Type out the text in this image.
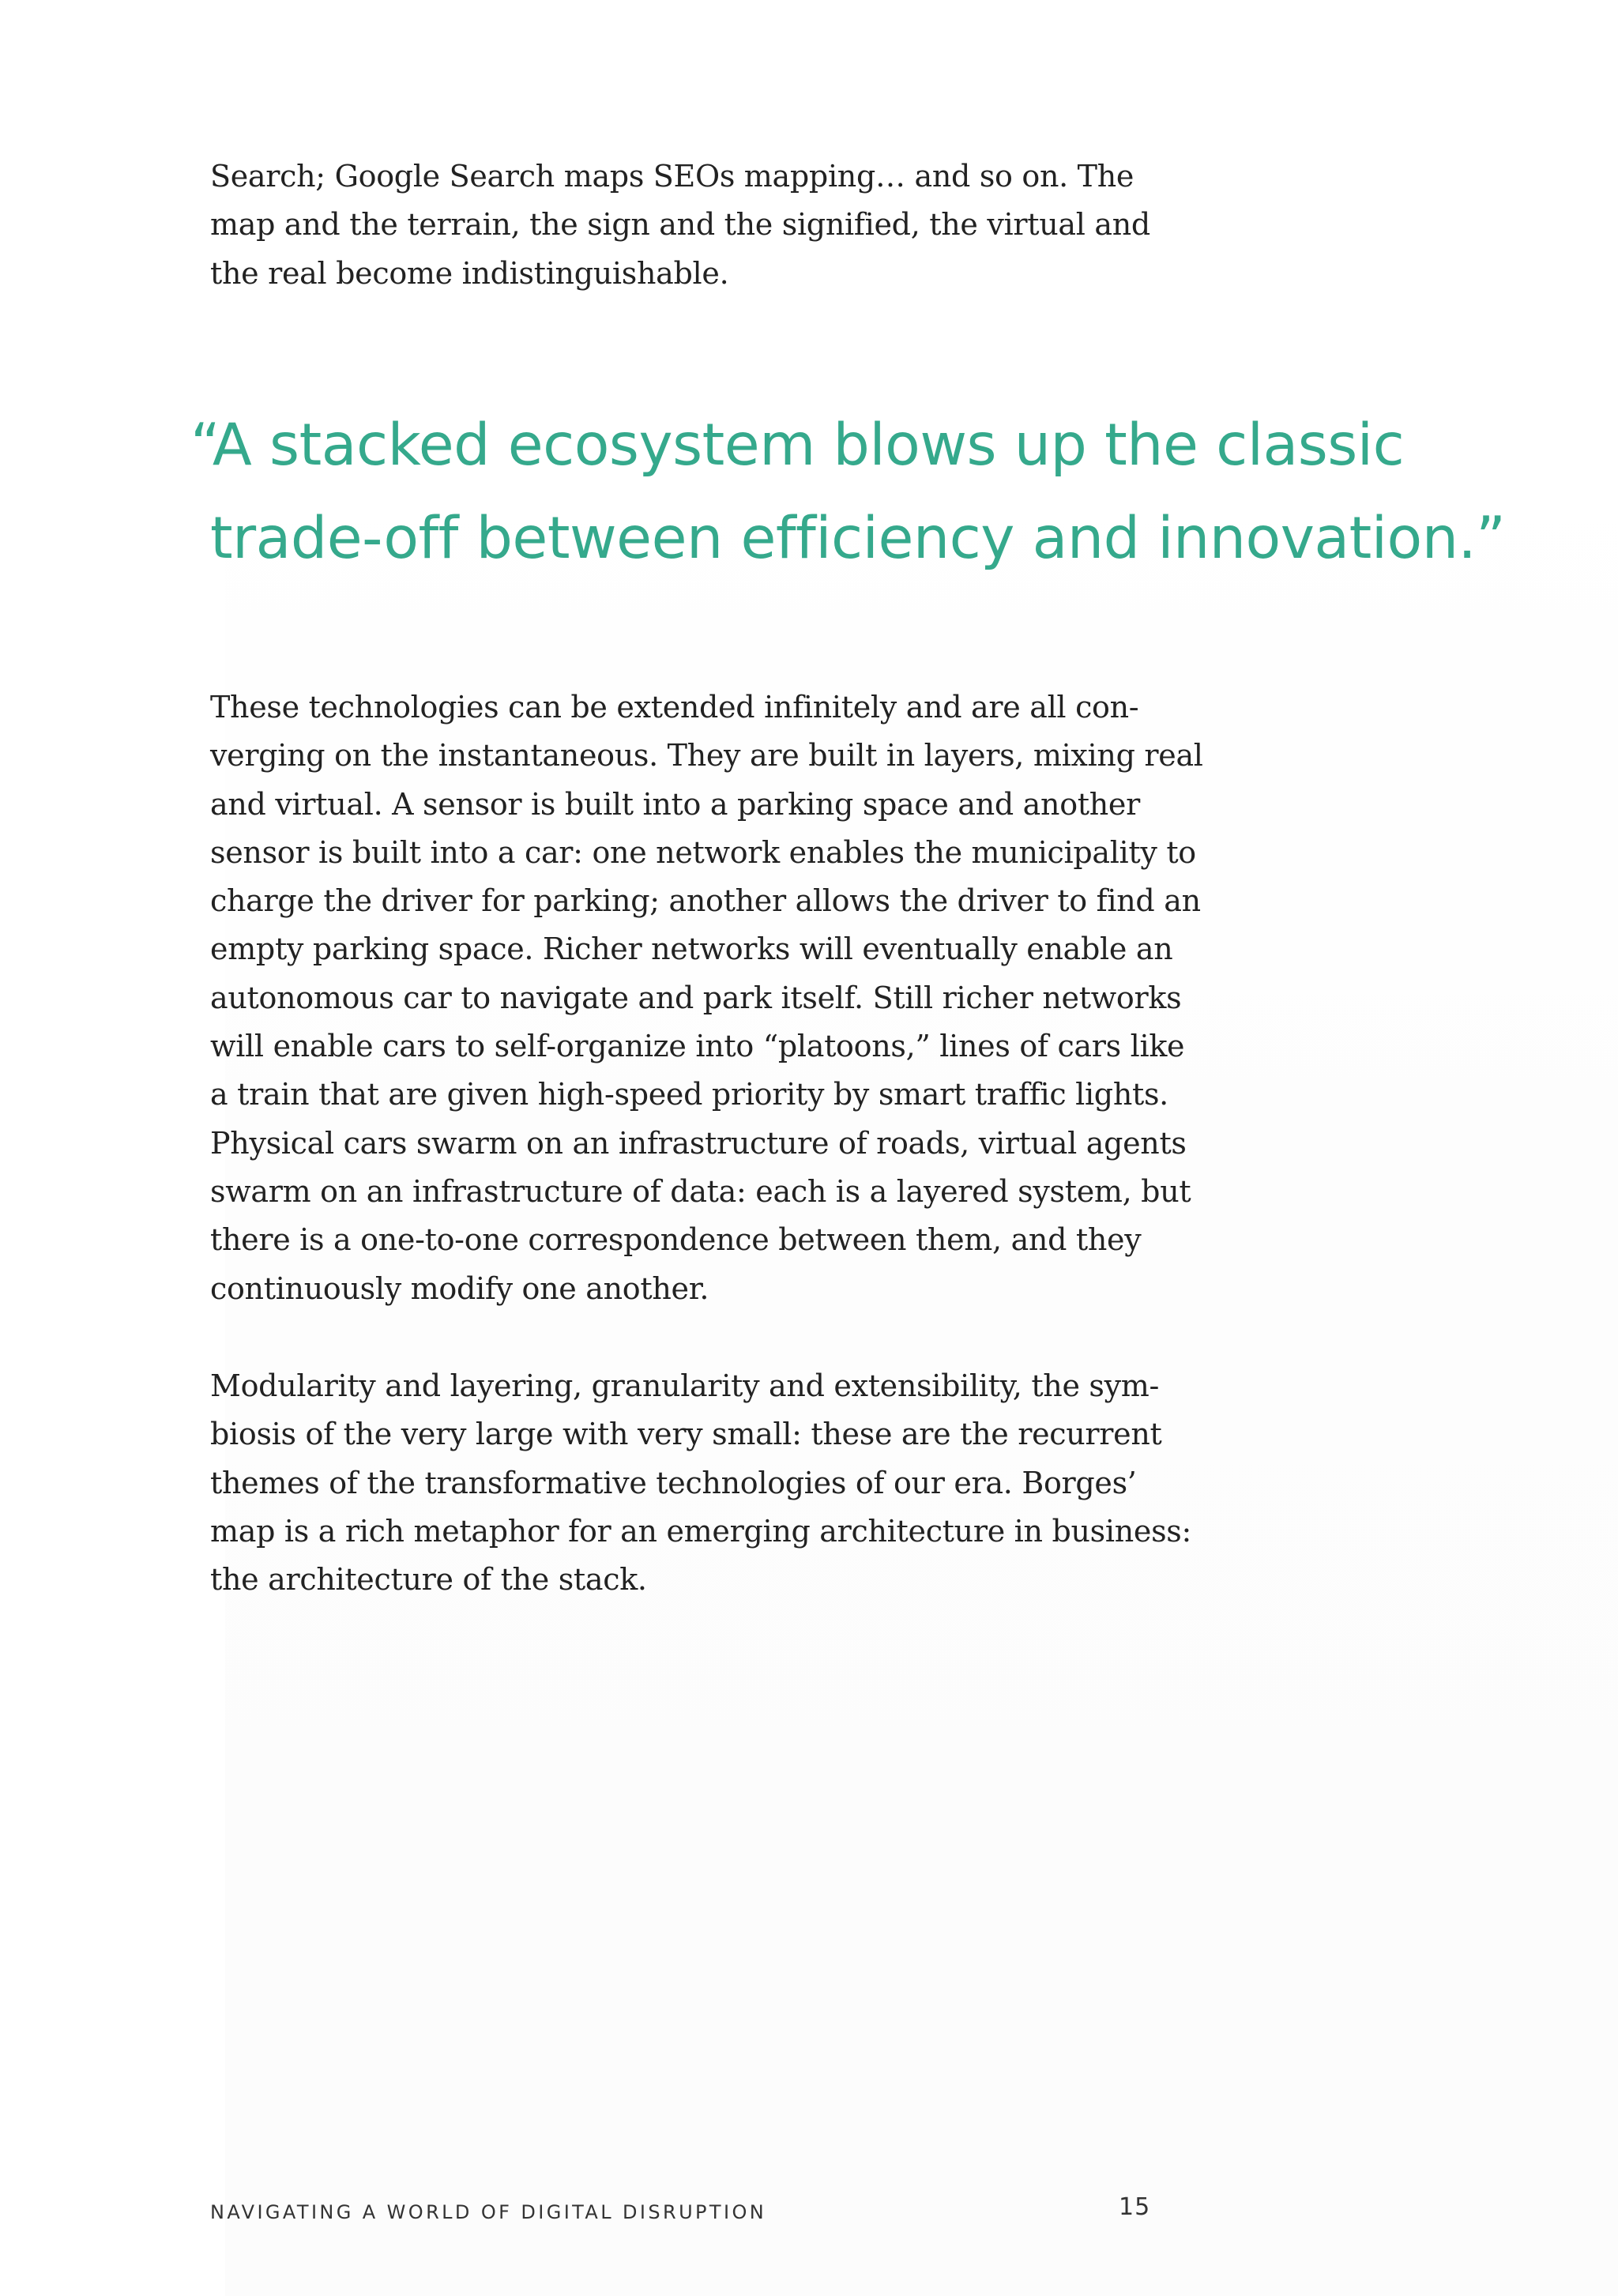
Search; Google Search maps SEOs mapping… and so on. The
map and the terrain, the sign and the signified, the virtual and
the real become indistinguishable.

“A stacked ecosystem blows up the classic
trade-off between efficiency and innovation.”

These technologies can be extended infinitely and are all con-
verging on the instantaneous. They are built in layers, mixing real
and virtual. A sensor is built into a parking space and another
sensor is built into a car: one network enables the municipality to
charge the driver for parking; another allows the driver to find an
empty parking space. Richer networks will eventually enable an
autonomous car to navigate and park itself. Still richer networks
will enable cars to self-organize into “platoons,” lines of cars like
a train that are given high-speed priority by smart traffic lights.
Physical cars swarm on an infrastructure of roads, virtual agents
swarm on an infrastructure of data: each is a layered system, but
there is a one-to-one correspondence between them, and they
continuously modify one another.

Modularity and layering, granularity and extensibility, the sym-
biosis of the very large with very small: these are the recurrent
themes of the transformative technologies of our era. Borges’
map is a rich metaphor for an emerging architecture in business:
the architecture of the stack.

NAVIGATING A WORLD OF DIGITAL DISRUPTION	15
